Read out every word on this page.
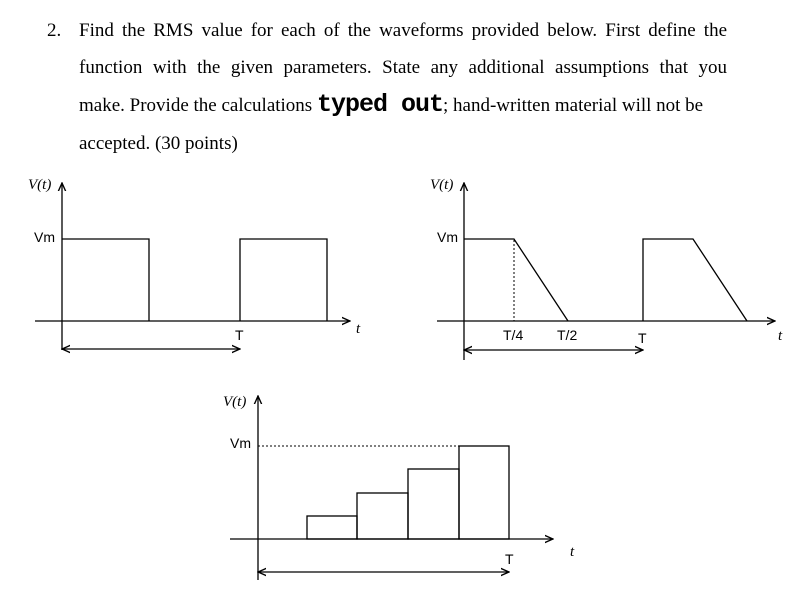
2. Find the RMS value for each of the waveforms provided below. First define the
function with the given parameters. State any additional assumptions that you
make. Provide the calculations typed out; hand-written material will not be
accepted. (30 points)
V(t)
Vm
T	t
V(t)
Vm
T/4 T/2	T	t
V(t)
Vm
T	t
